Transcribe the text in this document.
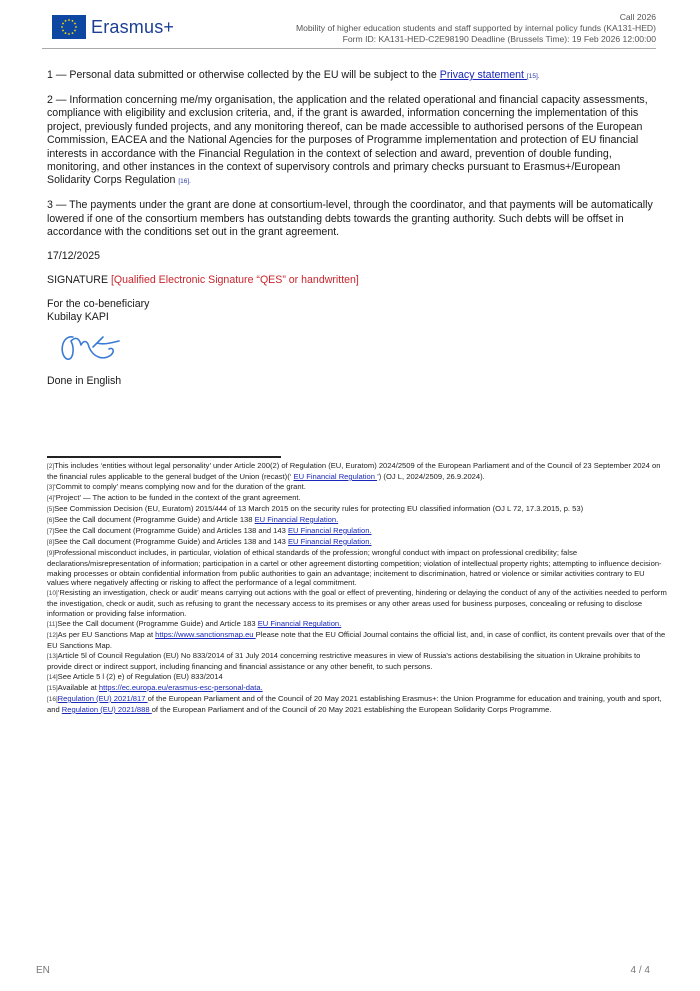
Erasmus+	Call 2026
Mobility of higher education students and staff supported by internal policy funds (KA131-HED)
Form ID: KA131-HED-C2E98190 Deadline (Brussels Time): 19 Feb 2026 12:00:00

1 — Personal data submitted or otherwise collected by the EU will be subject to the Privacy statement [15].

2 — Information concerning me/my organisation, the application and the related operational and financial capacity assessments, compliance with eligibility and exclusion criteria, and, if the grant is awarded, information concerning the implementation of this project, previously funded projects, and any monitoring thereof, can be made accessible to authorised persons of the European Commission, EACEA and the National Agencies for the purposes of Programme implementation and protection of EU financial interests in accordance with the Financial Regulation in the context of selection and award, prevention of double funding, monitoring, and other instances in the context of supervisory controls and primary checks pursuant to Erasmus+/European Solidarity Corps Regulation [16].

3 — The payments under the grant are done at consortium-level, through the coordinator, and that payments will be automatically lowered if one of the consortium members has outstanding debts towards the granting authority. Such debts will be offset in accordance with the conditions set out in the grant agreement.

17/12/2025

SIGNATURE [Qualified Electronic Signature “QES” or handwritten]

For the co-beneficiary
Kubilay KAPI
Done in English
[2]This includes ‘entities without legal personality’ under Article 200(2) of Regulation (EU, Euratom) 2024/2509 of the European Parliament and of the Council of 23 September 2024 on the financial rules applicable to the general budget of the Union (recast)(‘ EU Financial Regulation ’) (OJ L, 2024/2509, 26.9.2024).
[3]‘Commit to comply’ means complying now and for the duration of the grant.
[4]‘Project’ — The action to be funded in the context of the grant agreement.
[5]See Commission Decision (EU, Euratom) 2015/444 of 13 March 2015 on the security rules for protecting EU classified information (OJ L 72, 17.3.2015, p. 53)
[6]See the Call document (Programme Guide) and Article 138 EU Financial Regulation.
[7]See the Call document (Programme Guide) and Articles 138 and 143 EU Financial Regulation.
[8]See the Call document (Programme Guide) and Articles 138 and 143 EU Financial Regulation.
[9]Professional misconduct includes, in particular, violation of ethical standards of the profession; wrongful conduct with impact on professional credibility; false declarations/misrepresentation of information; participation in a cartel or other agreement distorting competition; violation of intellectual property rights; attempting to influence decision-making processes or obtain confidential information from public authorities to gain an advantage; incitement to discrimination, hatred or violence or similar activities contrary to EU values where negatively affecting or risking to affect the performance of a legal commitment.
[10]‘Resisting an investigation, check or audit’ means carrying out actions with the goal or effect of preventing, hindering or delaying the conduct of any of the activities needed to perform the investigation, check or audit, such as refusing to grant the necessary access to its premises or any other areas used for business purposes, concealing or refusing to disclose information or providing false information.
[11]See the Call document (Programme Guide) and Article 183 EU Financial Regulation.
[12]As per EU Sanctions Map at https://www.sanctionsmap.eu Please note that the EU Official Journal contains the official list, and, in case of conflict, its content prevails over that of the EU Sanctions Map.
[13]Article 5l of Council Regulation (EU) No 833/2014 of 31 July 2014 concerning restrictive measures in view of Russia's actions destabilising the situation in Ukraine prohibits to provide direct or indirect support, including financing and financial assistance or any other benefit, to such persons.
[14]See Article 5 l (2) e) of Regulation (EU) 833/2014
[15]Available at https://ec.europa.eu/erasmus-esc-personal-data.
[16]Regulation (EU) 2021/817 of the European Parliament and of the Council of 20 May 2021 establishing Erasmus+: the Union Programme for education and training, youth and sport, and Regulation (EU) 2021/888 of the European Parliament and of the Council of 20 May 2021 establishing the European Solidarity Corps Programme.
EN	4 / 4
